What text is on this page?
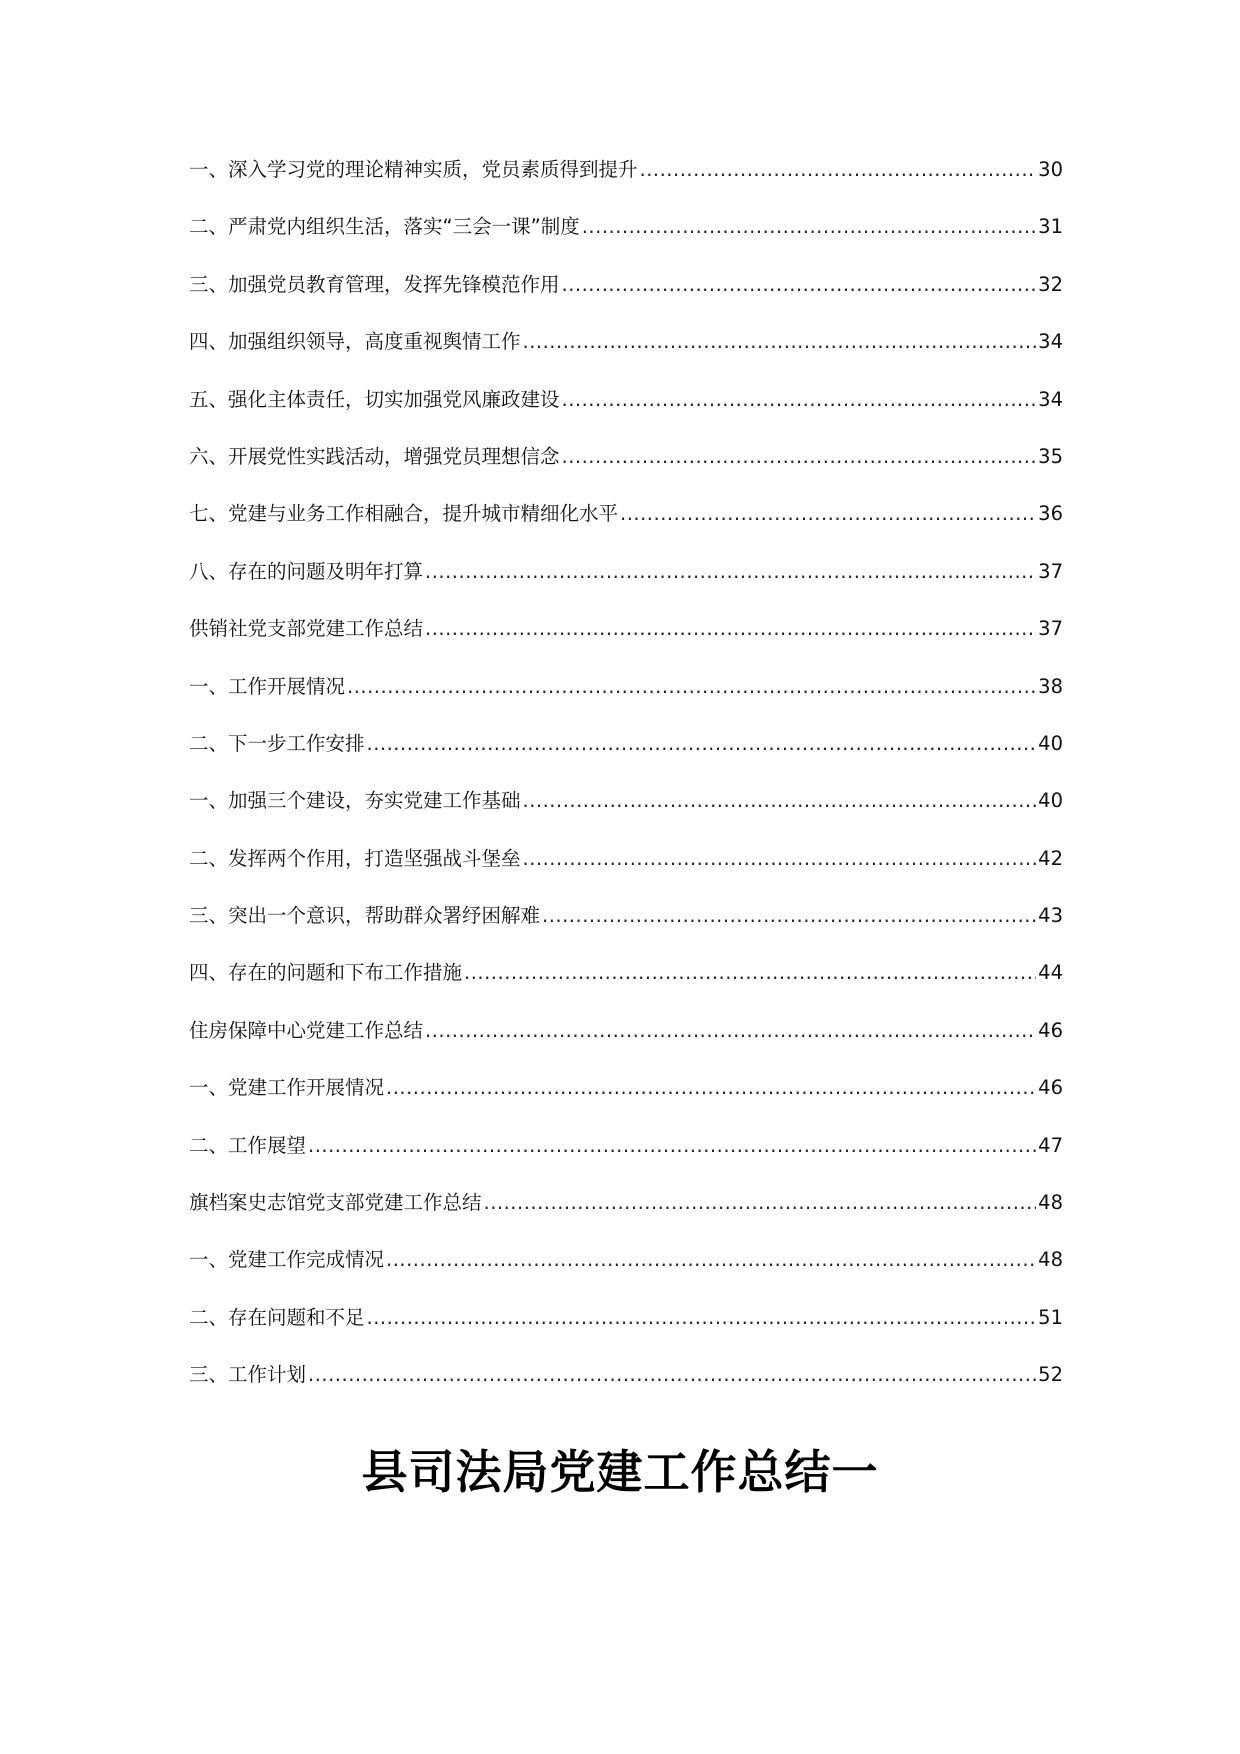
一、深入学习党的理论精神实质，党员素质得到提升 .....	30
二、严肃党内组织生活，落实“三会一课”制度 .....	31
三、加强党员教育管理，发挥先锋模范作用 .....	32
四、加强组织领导，高度重视舆情工作 .....	34
五、强化主体责任，切实加强党风廉政建设 .....	34
六、开展党性实践活动，增强党员理想信念 .....	35
七、党建与业务工作相融合，提升城市精细化水平 .....	36
八、存在的问题及明年打算 .....	37
供销社党支部党建工作总结 .....	37
一、工作开展情况 .....	38
二、下一步工作安排 .....	40
一、加强三个建设，夯实党建工作基础 .....	40
二、发挥两个作用，打造坚强战斗堡垒 .....	42
三、突出一个意识，帮助群众署纾困解难 .....	43
四、存在的问题和下布工作措施 .....	44
住房保障中心党建工作总结 .....	46
一、党建工作开展情况 .....	46
二、工作展望 .....	47
旗档案史志馆党支部党建工作总结 .....	48
一、党建工作完成情况 .....	48
二、存在问题和不足 .....	51
三、工作计划 .....	52
县司法局党建工作总结一
